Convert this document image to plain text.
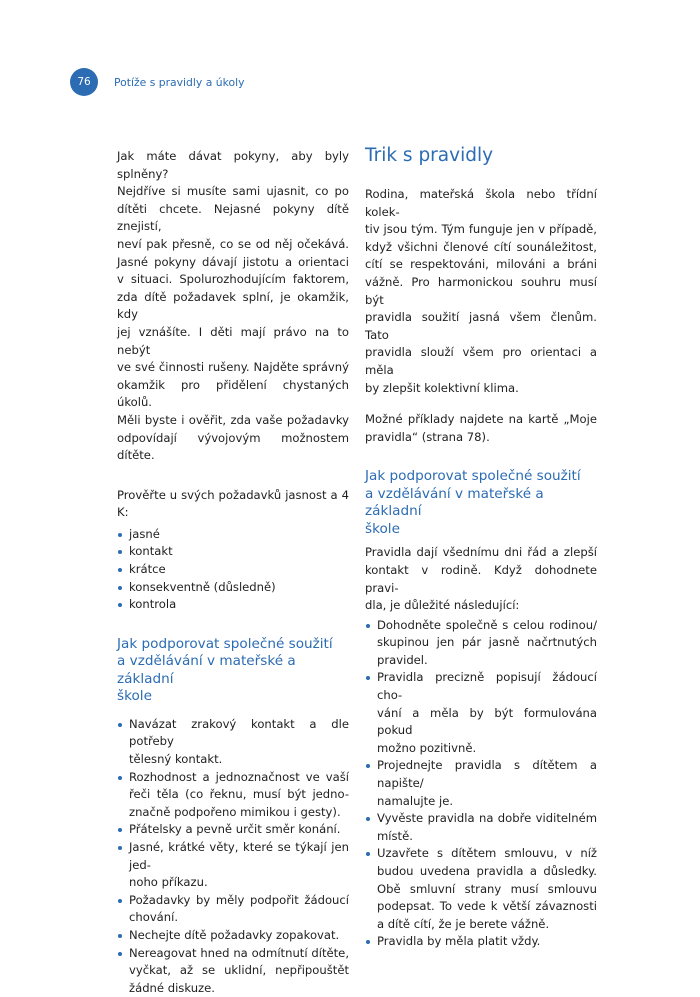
76 Potíže s pravidly a úkoly
Jak máte dávat pokyny, aby byly splněny?
Nejdříve si musíte sami ujasnit, co po
dítěti chcete. Nejasné pokyny dítě znejistí,
neví pak přesně, co se od něj očekává.
Jasné pokyny dávají jistotu a orientaci
v situaci. Spolurozhodujícím faktorem,
zda dítě požadavek splní, je okamžik, kdy
jej vznášíte. I děti mají právo na to nebýt
ve své činnosti rušeny. Najděte správný
okamžik pro přidělení chystaných úkolů.
Měli byste i ověřit, zda vaše požadavky
odpovídají vývojovým možnostem dítěte.
Prověřte u svých požadavků jasnost a 4 K:
jasné
kontakt
krátce
konsekventně (důsledně)
kontrola
Jak podporovat společné soužití
a vzdělávání v mateřské a základní
škole
Navázat zrakový kontakt a dle potřeby
tělesný kontakt.
Rozhodnost a jednoznačnost ve vaší
řeči těla (co řeknu, musí být jedno-
značně podpořeno mimikou i gesty).
Přátelsky a pevně určit směr konání.
Jasné, krátké věty, které se týkají jen jed-
noho příkazu.
Požadavky by měly podpořit žádoucí
chování.
Nechejte dítě požadavky zopakovat.
Nereagovat hned na odmítnutí dítěte,
vyčkat, až se uklidní, nepřipouštět
žádné diskuze.
Trik s pravidly
Rodina, mateřská škola nebo třídní kolek-
tiv jsou tým. Tým funguje jen v případě,
když všichni členové cítí sounáležitost,
cítí se respektováni, milováni a bráni
vážně. Pro harmonickou souhru musí být
pravidla soužití jasná všem členům. Tato
pravidla slouží všem pro orientaci a měla
by zlepšit kolektivní klima.
Možné příklady najdete na kartě „Moje
pravidla“ (strana 78).
Jak podporovat společné soužití
a vzdělávání v mateřské a základní
škole
Pravidla dají všednímu dni řád a zlepší
kontakt v rodině. Když dohodnete pravi-
dla, je důležité následující:
Dohodněte společně s celou rodinou/
skupinou jen pár jasně načrtnutých
pravidel.
Pravidla precizně popisují žádoucí cho-
vání a měla by být formulována pokud
možno pozitivně.
Projednejte pravidla s dítětem a napište/
namalujte je.
Vyvěste pravidla na dobře viditelném
místě.
Uzavřete s dítětem smlouvu, v níž
budou uvedena pravidla a důsledky.
Obě smluvní strany musí smlouvu
podepsat. To vede k větší závaznosti
a dítě cítí, že je berete vážně.
Pravidla by měla platit vždy.
